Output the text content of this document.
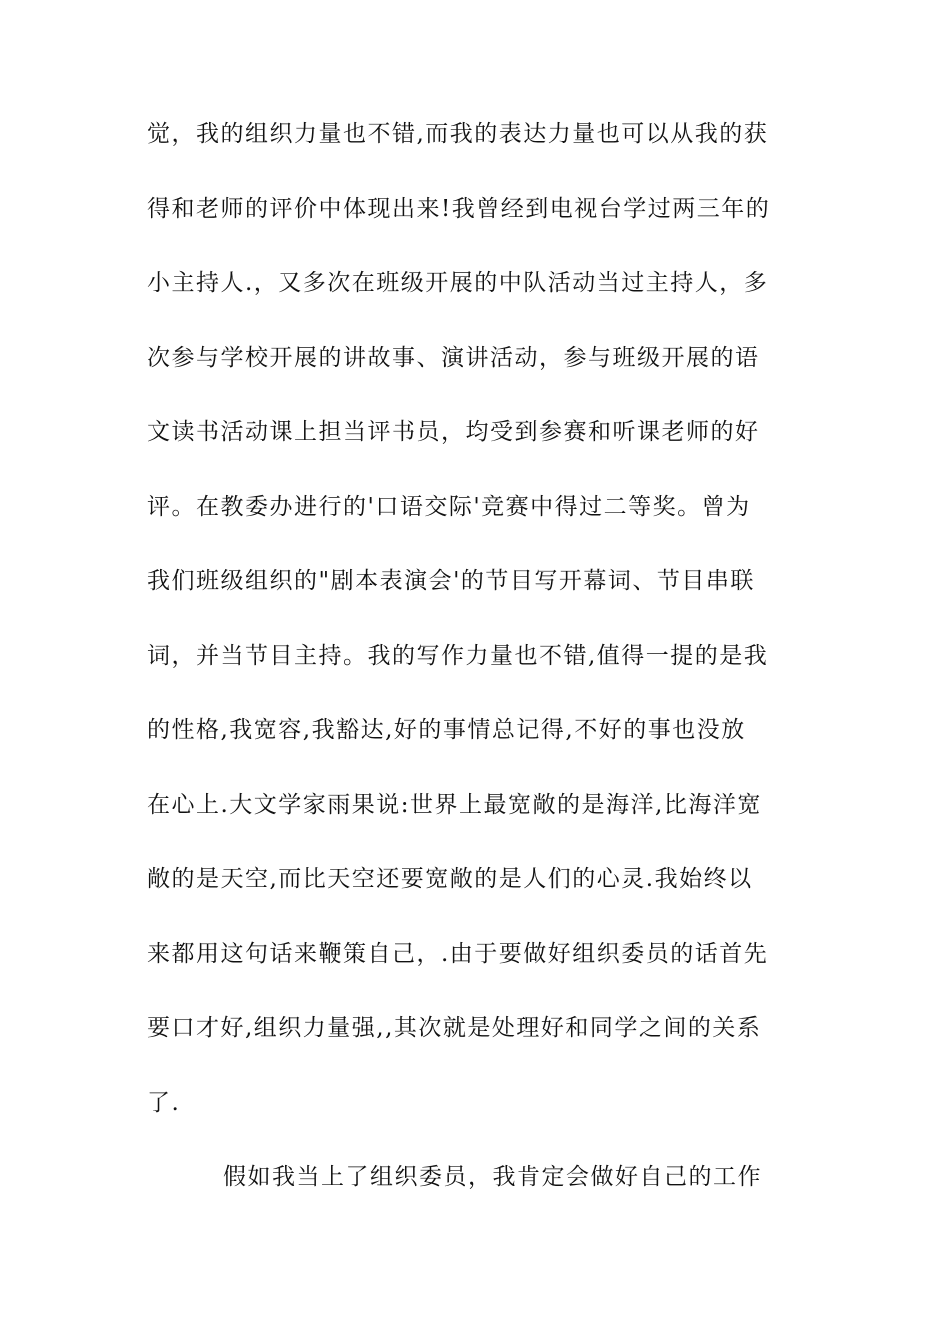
觉，我的组织力量也不错,而我的表达力量也可以从我的获
得和老师的评价中体现出来!我曾经到电视台学过两三年的
小主持人.，又多次在班级开展的中队活动当过主持人，多
次参与学校开展的讲故事、演讲活动，参与班级开展的语
文读书活动课上担当评书员，均受到参赛和听课老师的好
评。在教委办进行的'口语交际'竞赛中得过二等奖。曾为
我们班级组织的"剧本表演会'的节目写开幕词、节目串联
词，并当节目主持。我的写作力量也不错,值得一提的是我
的性格,我宽容,我豁达,好的事情总记得,不好的事也没放
在心上.大文学家雨果说:世界上最宽敞的是海洋,比海洋宽
敞的是天空,而比天空还要宽敞的是人们的心灵.我始终以
来都用这句话来鞭策自己，.由于要做好组织委员的话首先
要口才好,组织力量强,,其次就是处理好和同学之间的关系
了.
假如我当上了组织委员，我肯定会做好自己的工作
